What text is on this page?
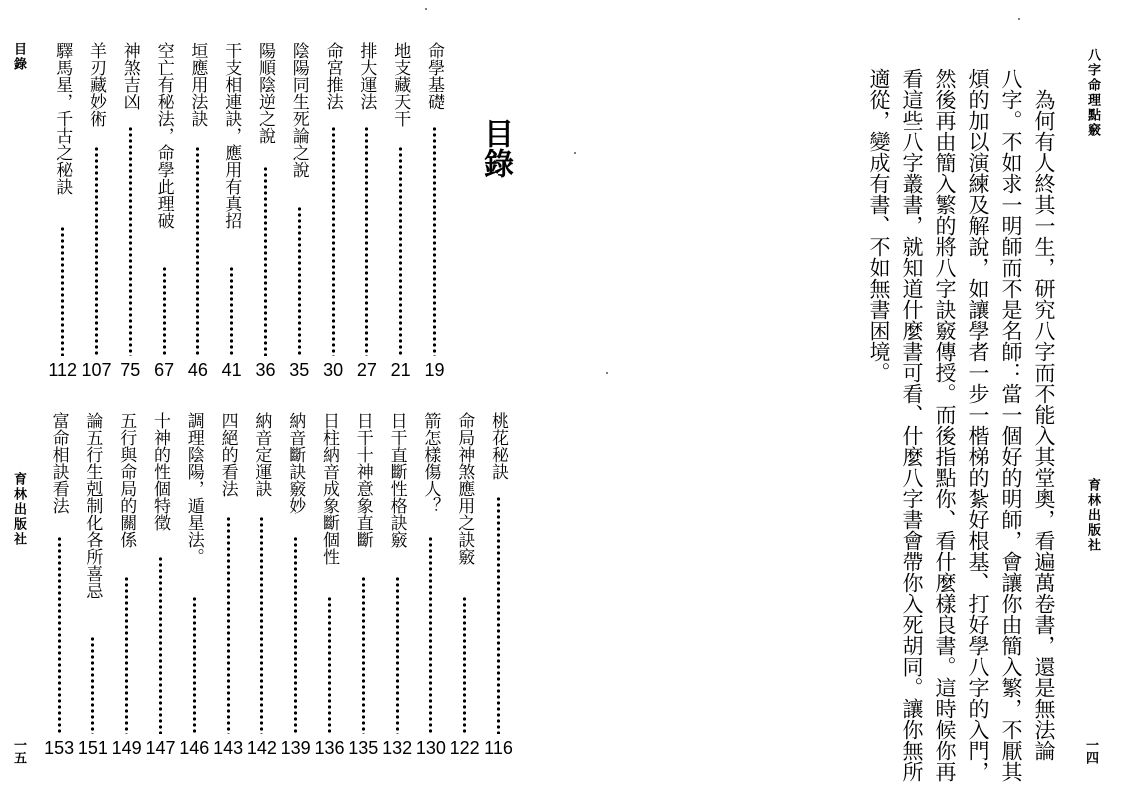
目錄
育林出版社
一五
目錄
命學基礎
19
地支藏天干
21
排大運法
27
命宮推法
30
陰陽同生死論之說
35
陽順陰逆之說
36
干支相連訣，應用有真招
41
垣應用法訣
46
空亡有秘法，命學此理破
67
神煞吉凶
75
羊刃藏妙術
107
驛馬星，千古之秘訣
112
桃花秘訣
116
命局神煞應用之訣竅
122
箭怎樣傷人？
130
日干直斷性格訣竅
132
日干十神意象直斷
135
日柱納音成象斷個性
136
納音斷訣竅妙
139
納音定運訣
142
四絕的看法
143
調理陰陽，遁星法。
146
十神的性個特徵
147
五行與命局的關係
149
論五行生剋制化各所喜忌
151
富命相訣看法
153
八字命理點竅
育林出版社
一四
　為何有人終其一生，研究八字而不能入其堂奧，看遍萬卷書，還是無法論
八字。不如求一明師而不是名師：當一個好的明師，會讓你由簡入繁，不厭其
煩的加以演練及解說，如讓學者一步一楷梯的紮好根基、打好學八字的入門，
然後再由簡入繁的將八字訣竅傳授。而後指點你、看什麼樣良書。這時候你再
看這些八字叢書，就知道什麼書可看、什麼八字書會帶你入死胡同。讓你無所
適從，變成有書、不如無書困境。
